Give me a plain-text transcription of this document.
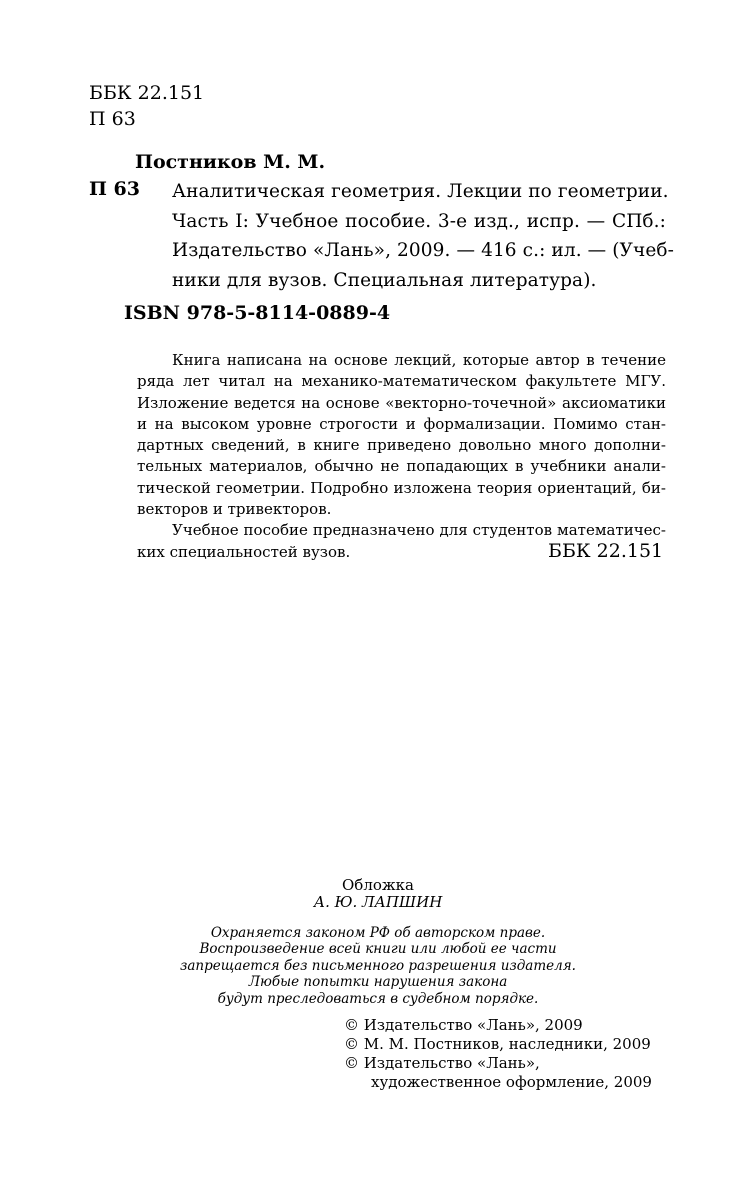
ББК 22.151
П 63
Постников М. М.
П 63 Аналитическая геометрия. Лекции по геометрии.
Часть I: Учебное пособие. 3-е изд., испр. — СПб.:
Издательство «Лань», 2009. — 416 с.: ил. — (Учеб-
ники для вузов. Специальная литература).
ISBN 978-5-8114-0889-4
Книга написана на основе лекций, которые автор в течение
ряда лет читал на механико-математическом факультете МГУ.
Изложение ведется на основе «векторно-точечной» аксиоматики
и на высоком уровне строгости и формализации. Помимо стан-
дартных сведений, в книге приведено довольно много дополни-
тельных материалов, обычно не попадающих в учебники анали-
тической геометрии. Подробно изложена теория ориентаций, би-
векторов и тривекторов.
Учебное пособие предназначено для студентов математичес-
ких специальностей вузов.	ББК 22.151
Обложка
А. Ю. ЛАПШИН
Охраняется законом РФ об авторском праве.
Воспроизведение всей книги или любой ее части
запрещается без письменного разрешения издателя.
Любые попытки нарушения закона
будут преследоваться в судебном порядке.
© Издательство «Лань», 2009
© М. М. Постников, наследники, 2009
© Издательство «Лань»,
художественное оформление, 2009
